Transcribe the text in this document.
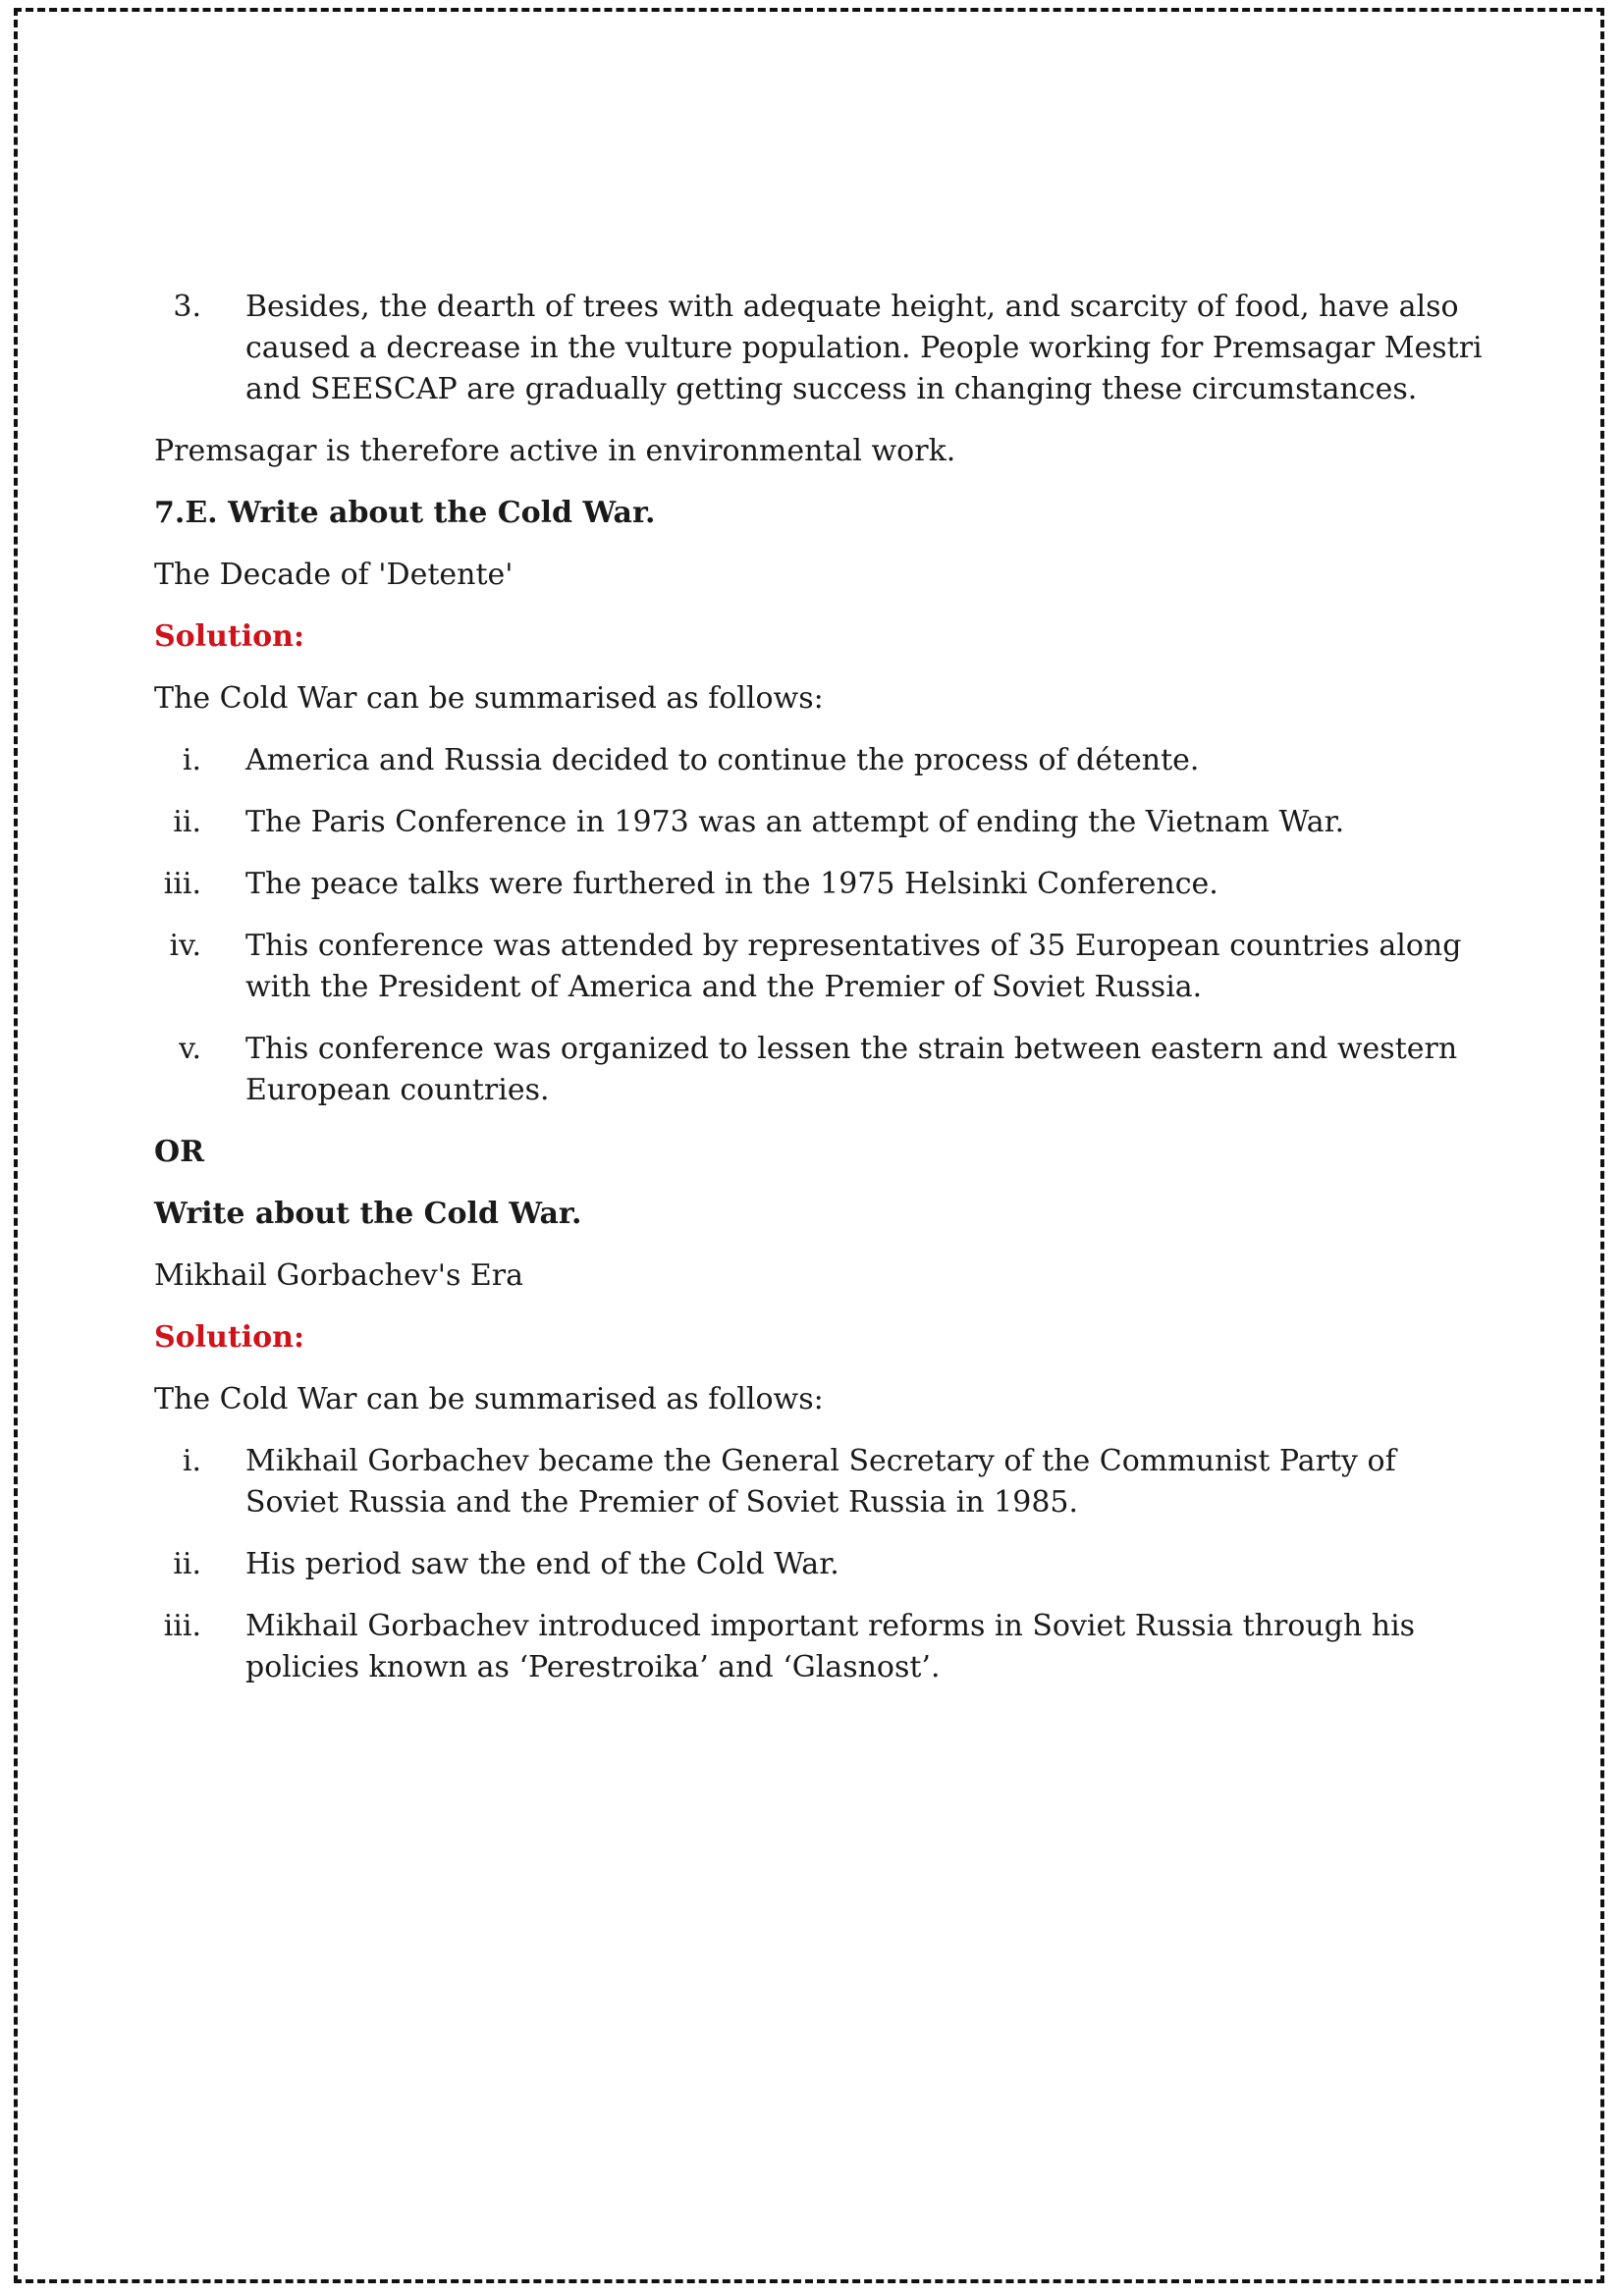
3. Besides, the dearth of trees with adequate height, and scarcity of food, have also caused a decrease in the vulture population. People working for Premsagar Mestri and SEESCAP are gradually getting success in changing these circumstances.

Premsagar is therefore active in environmental work.

7.E. Write about the Cold War.

The Decade of 'Detente'

Solution:

The Cold War can be summarised as follows:

i. America and Russia decided to continue the process of détente.
ii. The Paris Conference in 1973 was an attempt of ending the Vietnam War.
iii. The peace talks were furthered in the 1975 Helsinki Conference.
iv. This conference was attended by representatives of 35 European countries along with the President of America and the Premier of Soviet Russia.
v. This conference was organized to lessen the strain between eastern and western European countries.

OR

Write about the Cold War.

Mikhail Gorbachev's Era

Solution:

The Cold War can be summarised as follows:

i. Mikhail Gorbachev became the General Secretary of the Communist Party of Soviet Russia and the Premier of Soviet Russia in 1985.
ii. His period saw the end of the Cold War.
iii. Mikhail Gorbachev introduced important reforms in Soviet Russia through his policies known as ‘Perestroika’ and ‘Glasnost’.
